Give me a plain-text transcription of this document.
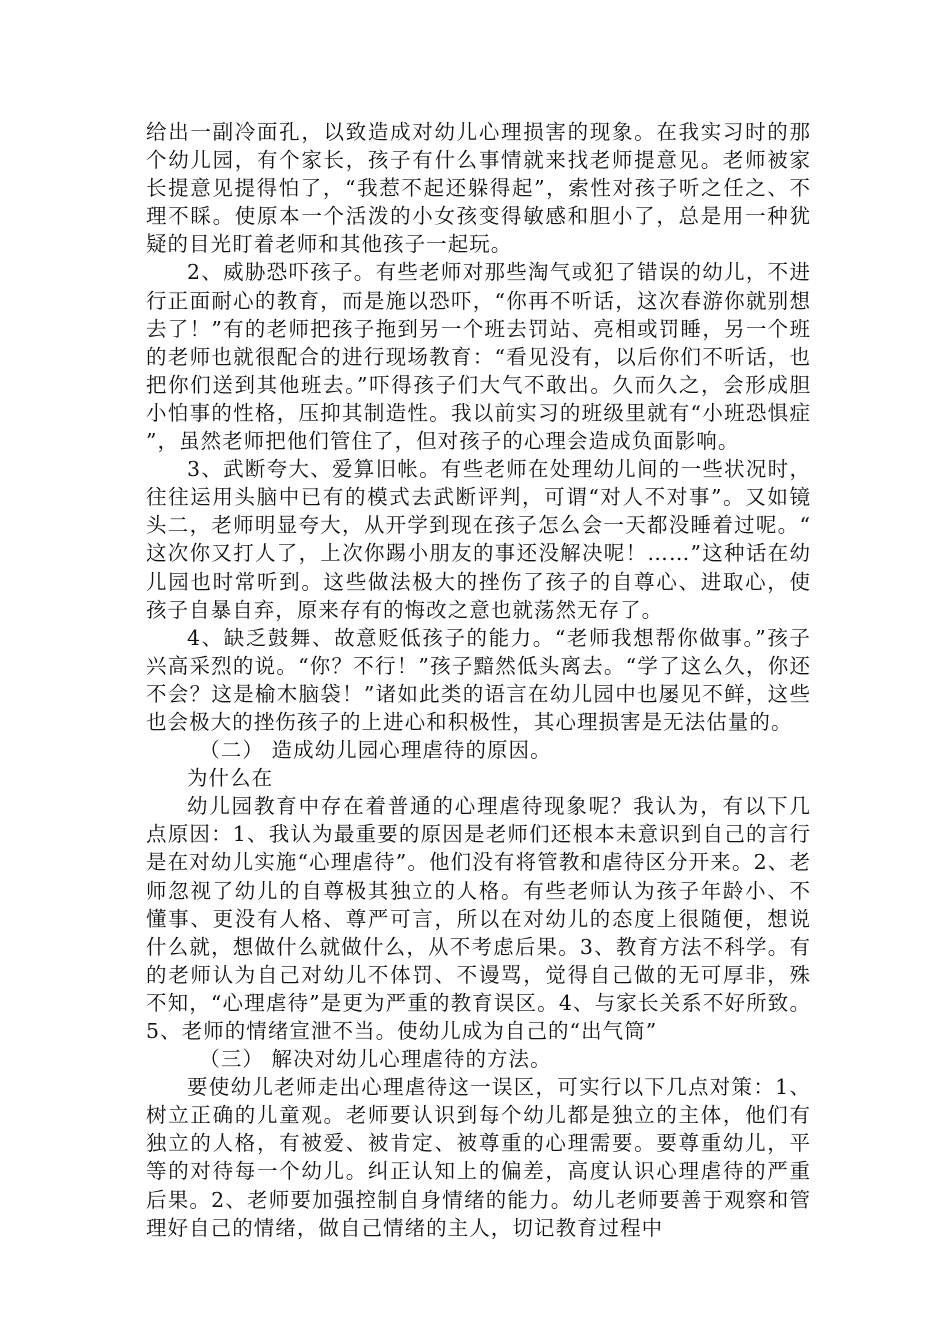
给出一副冷面孔，以致造成对幼儿心理损害的现象。在我实习时的那个幼儿园，有个家长，孩子有什么事情就来找老师提意见。老师被家长提意见提得怕了，“我惹不起还躲得起”，索性对孩子听之任之、不理不睬。使原本一个活泼的小女孩变得敏感和胆小了，总是用一种犹疑的目光盯着老师和其他孩子一起玩。

2、威胁恐吓孩子。有些老师对那些淘气或犯了错误的幼儿，不进行正面耐心的教育，而是施以恐吓，“你再不听话，这次春游你就别想去了！”有的老师把孩子拖到另一个班去罚站、亮相或罚睡，另一个班的老师也就很配合的进行现场教育：“看见没有，以后你们不听话，也把你们送到其他班去。”吓得孩子们大气不敢出。久而久之，会形成胆小怕事的性格，压抑其制造性。我以前实习的班级里就有“小班恐惧症”，虽然老师把他们管住了，但对孩子的心理会造成负面影响。

3、武断夸大、爱算旧帐。有些老师在处理幼儿间的一些状况时，往往运用头脑中已有的模式去武断评判，可谓“对人不对事”。又如镜头二，老师明显夸大，从开学到现在孩子怎么会一天都没睡着过呢。“这次你又打人了，上次你踢小朋友的事还没解决呢！……”这种话在幼儿园也时常听到。这些做法极大的挫伤了孩子的自尊心、进取心，使孩子自暴自弃，原来存有的悔改之意也就荡然无存了。

4、缺乏鼓舞、故意贬低孩子的能力。“老师我想帮你做事。”孩子兴高采烈的说。“你？不行！”孩子黯然低头离去。“学了这么久，你还不会？这是榆木脑袋！”诸如此类的语言在幼儿园中也屡见不鲜，这些也会极大的挫伤孩子的上进心和积极性，其心理损害是无法估量的。

（二） 造成幼儿园心理虐待的原因。

为什么在

幼儿园教育中存在着普通的心理虐待现象呢？我认为，有以下几点原因：1、我认为最重要的原因是老师们还根本未意识到自己的言行是在对幼儿实施“心理虐待”。他们没有将管教和虐待区分开来。2、老师忽视了幼儿的自尊极其独立的人格。有些老师认为孩子年龄小、不懂事、更没有人格、尊严可言，所以在对幼儿的态度上很随便，想说什么就，想做什么就做什么，从不考虑后果。3、教育方法不科学。有的老师认为自己对幼儿不体罚、不谩骂，觉得自己做的无可厚非，殊不知，“心理虐待”是更为严重的教育误区。4、与家长关系不好所致。5、老师的情绪宣泄不当。使幼儿成为自己的“出气筒”

（三） 解决对幼儿心理虐待的方法。

要使幼儿老师走出心理虐待这一误区，可实行以下几点对策：1、树立正确的儿童观。老师要认识到每个幼儿都是独立的主体，他们有独立的人格，有被爱、被肯定、被尊重的心理需要。要尊重幼儿，平等的对待每一个幼儿。纠正认知上的偏差，高度认识心理虐待的严重后果。2、老师要加强控制自身情绪的能力。幼儿老师要善于观察和管理好自己的情绪，做自己情绪的主人，切记教育过程中
